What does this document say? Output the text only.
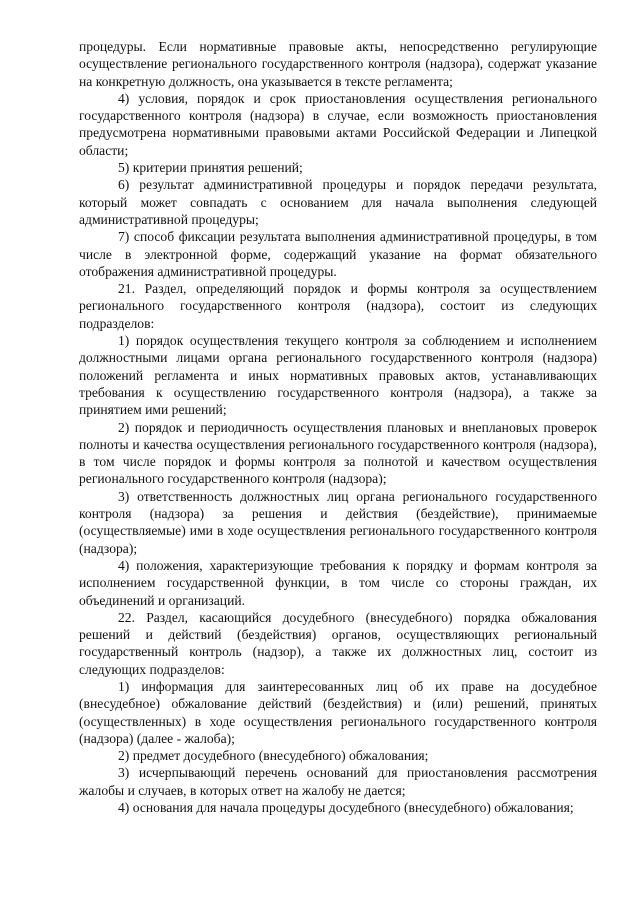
процедуры. Если нормативные правовые акты, непосредственно регулирующие осуществление регионального государственного контроля (надзора), содержат указание на конкретную должность, она указывается в тексте регламента;

4) условия, порядок и срок приостановления осуществления регионального государственного контроля (надзора) в случае, если возможность приостановления предусмотрена нормативными правовыми актами Российской Федерации и Липецкой области;

5) критерии принятия решений;

6) результат административной процедуры и порядок передачи результата, который может совпадать с основанием для начала выполнения следующей административной процедуры;

7) способ фиксации результата выполнения административной процедуры, в том числе в электронной форме, содержащий указание на формат обязательного отображения административной процедуры.

21. Раздел, определяющий порядок и формы контроля за осуществлением регионального государственного контроля (надзора), состоит из следующих подразделов:

1) порядок осуществления текущего контроля за соблюдением и исполнением должностными лицами органа регионального государственного контроля (надзора) положений регламента и иных нормативных правовых актов, устанавливающих требования к осуществлению государственного контроля (надзора), а также за принятием ими решений;

2) порядок и периодичность осуществления плановых и внеплановых проверок полноты и качества осуществления регионального государственного контроля (надзора), в том числе порядок и формы контроля за полнотой и качеством осуществления регионального государственного контроля (надзора);

3) ответственность должностных лиц органа регионального государственного контроля (надзора) за решения и действия (бездействие), принимаемые (осуществляемые) ими в ходе осуществления регионального государственного контроля (надзора);

4) положения, характеризующие требования к порядку и формам контроля за исполнением государственной функции, в том числе со стороны граждан, их объединений и организаций.

22. Раздел, касающийся досудебного (внесудебного) порядка обжалования решений и действий (бездействия) органов, осуществляющих региональный государственный контроль (надзор), а также их должностных лиц, состоит из следующих подразделов:

1) информация для заинтересованных лиц об их праве на досудебное (внесудебное) обжалование действий (бездействия) и (или) решений, принятых (осуществленных) в ходе осуществления регионального государственного контроля (надзора) (далее - жалоба);

2) предмет досудебного (внесудебного) обжалования;

3) исчерпывающий перечень оснований для приостановления рассмотрения жалобы и случаев, в которых ответ на жалобу не дается;

4) основания для начала процедуры досудебного (внесудебного) обжалования;
